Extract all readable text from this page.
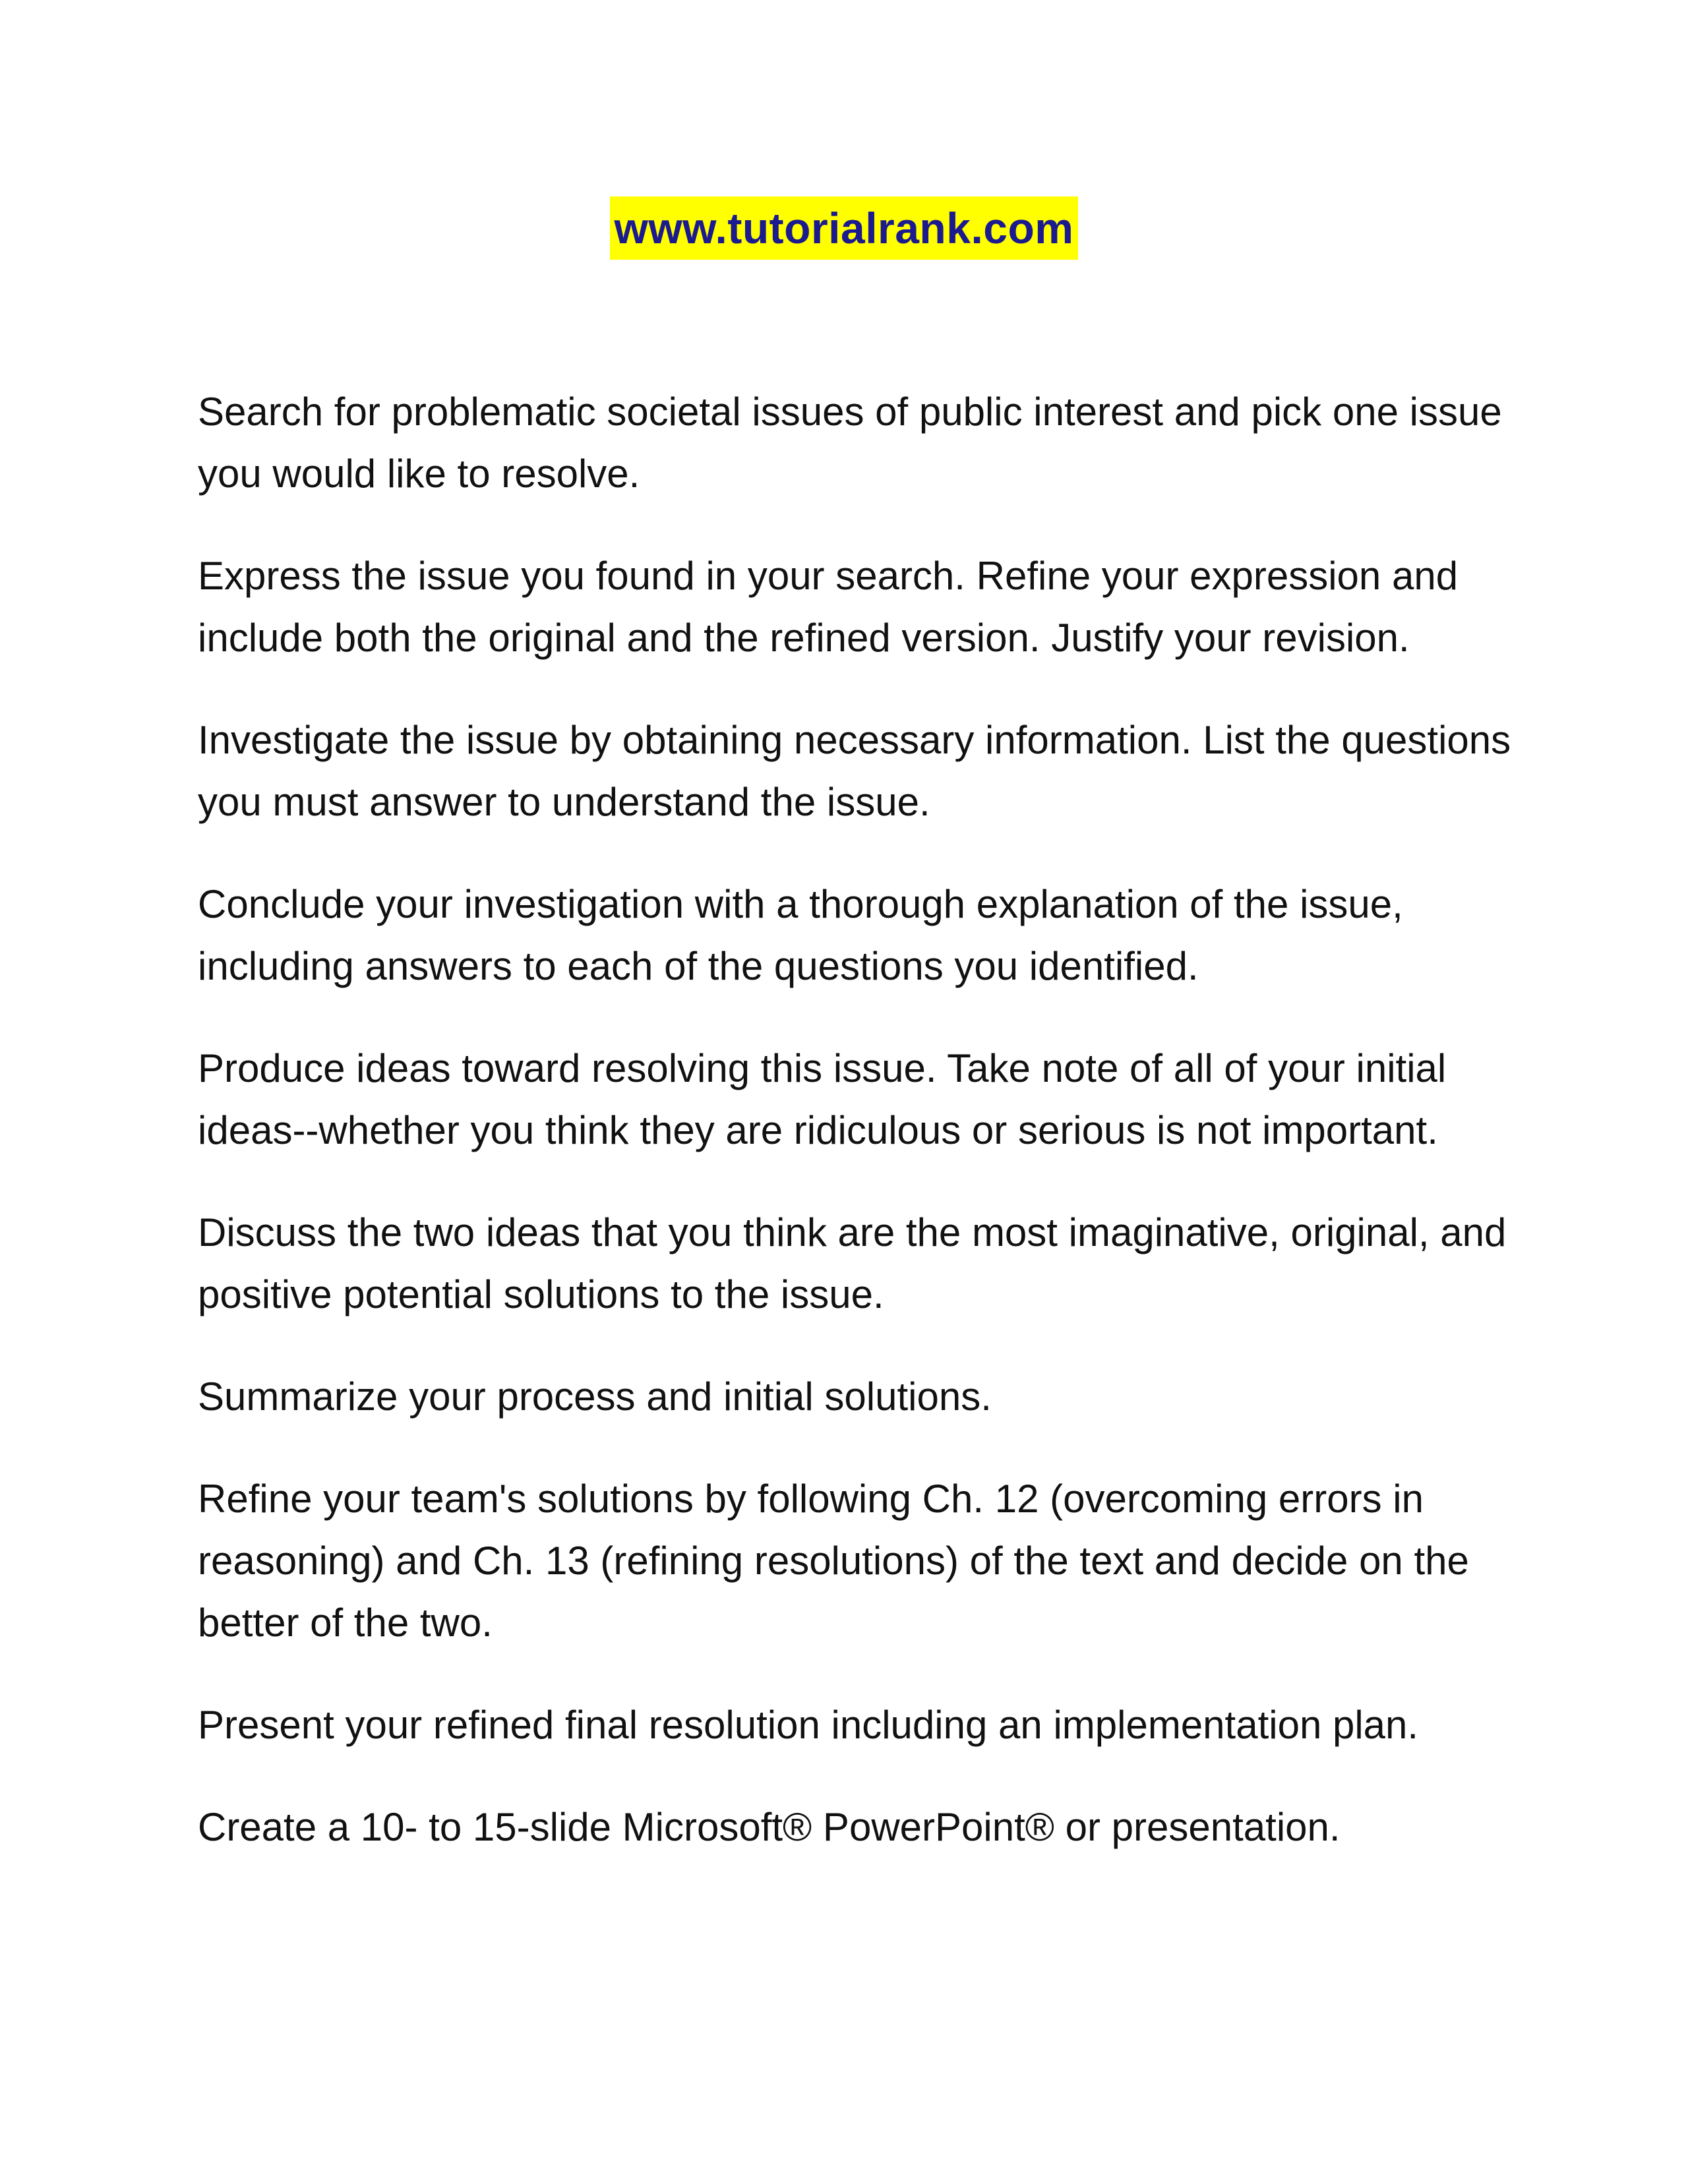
www.tutorialrank.com

Search for problematic societal issues of public interest and pick one issue you would like to resolve.

Express the issue you found in your search. Refine your expression and include both the original and the refined version. Justify your revision.

Investigate the issue by obtaining necessary information. List the questions you must answer to understand the issue.

Conclude your investigation with a thorough explanation of the issue, including answers to each of the questions you identified.

Produce ideas toward resolving this issue. Take note of all of your initial ideas--whether you think they are ridiculous or serious is not important.

Discuss the two ideas that you think are the most imaginative, original, and positive potential solutions to the issue.

Summarize your process and initial solutions.

Refine your team's solutions by following Ch. 12 (overcoming errors in reasoning) and Ch. 13 (refining resolutions) of the text and decide on the better of the two.

Present your refined final resolution including an implementation plan.

Create a 10- to 15-slide Microsoft® PowerPoint® or presentation.
